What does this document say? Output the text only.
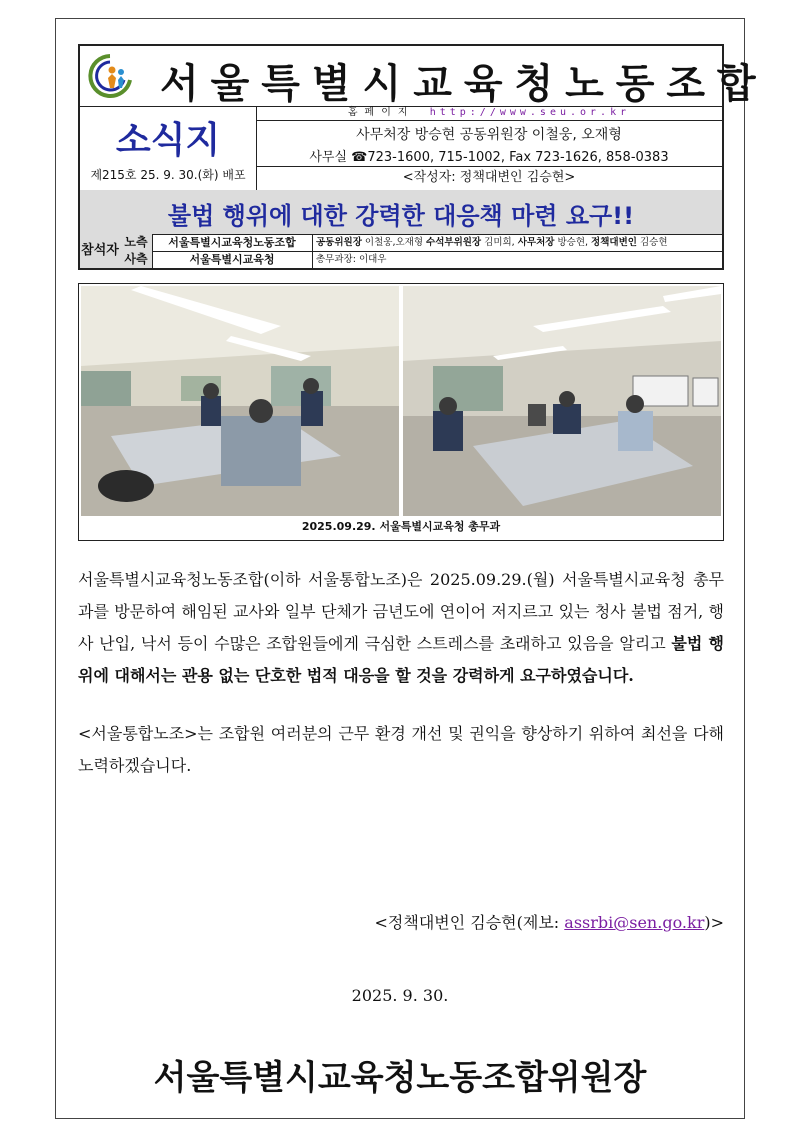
서울특별시교육청노동조합
소식지
제215호 25. 9. 30.(화) 배포
홈페이지 http://www.seu.or.kr
사무처장 방승현 공동위원장 이철웅, 오재형
사무실 ☎723-1600, 715-1002, Fax 723-1626, 858-0383
<작성자: 정책대변인 김승현>
불법 행위에 대한 강력한 대응책 마련 요구!!
참석자
노측	서울특별시교육청노동조합	공동위원장 이철웅,오재형 수석부위원장 김미희, 사무처장 방승현, 정책대변인 김승현
사측	서울특별시교육청	총무과장: 이대우
2025.09.29. 서울특별시교육청 총무과

서울특별시교육청노동조합(이하 서울통합노조)은 2025.09.29.(월) 서울특별시교육청 총무과를 방문하여 해임된 교사와 일부 단체가 금년도에 연이어 저지르고 있는 청사 불법 점거, 행사 난입, 낙서 등이 수많은 조합원들에게 극심한 스트레스를 초래하고 있음을 알리고 불법 행위에 대해서는 관용 없는 단호한 법적 대응을 할 것을 강력하게 요구하였습니다.

<서울통합노조>는 조합원 여러분의 근무 환경 개선 및 권익을 향상하기 위하여 최선을 다해 노력하겠습니다.

<정책대변인 김승현(제보: assrbi@sen.go.kr)>
2025. 9. 30.
서울특별시교육청노동조합위원장
